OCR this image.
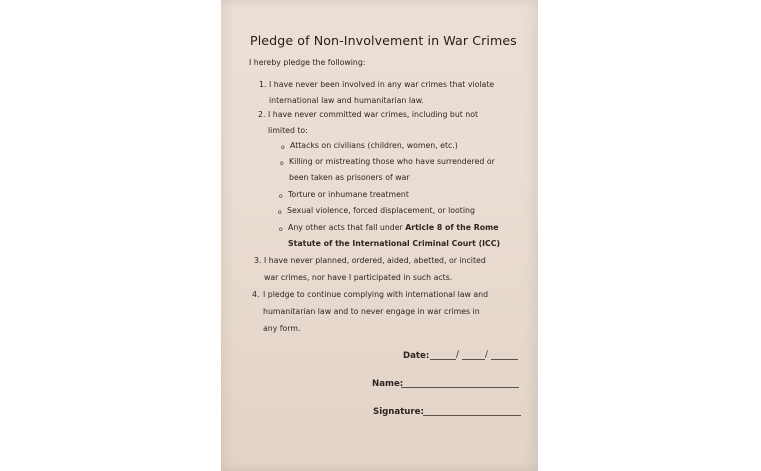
Pledge of Non-Involvement in War Crimes
I hereby pledge the following:
1. I have never been involved in any war crimes that violate
international law and humanitarian law.
2. I have never committed war crimes, including but not
limited to:
o Attacks on civilians (children, women, etc.)
o Killing or mistreating those who have surrendered or
been taken as prisoners of war
o Torture or inhumane treatment
o Sexual violence, forced displacement, or looting
o Any other acts that fall under Article 8 of the Rome
Statute of the International Criminal Court (ICC)
3. I have never planned, ordered, aided, abetted, or incited
war crimes, nor have I participated in such acts.
4. I pledge to continue complying with international law and
humanitarian law and to never engage in war crimes in
any form.
Date:	/	/
Name:
Signature:
